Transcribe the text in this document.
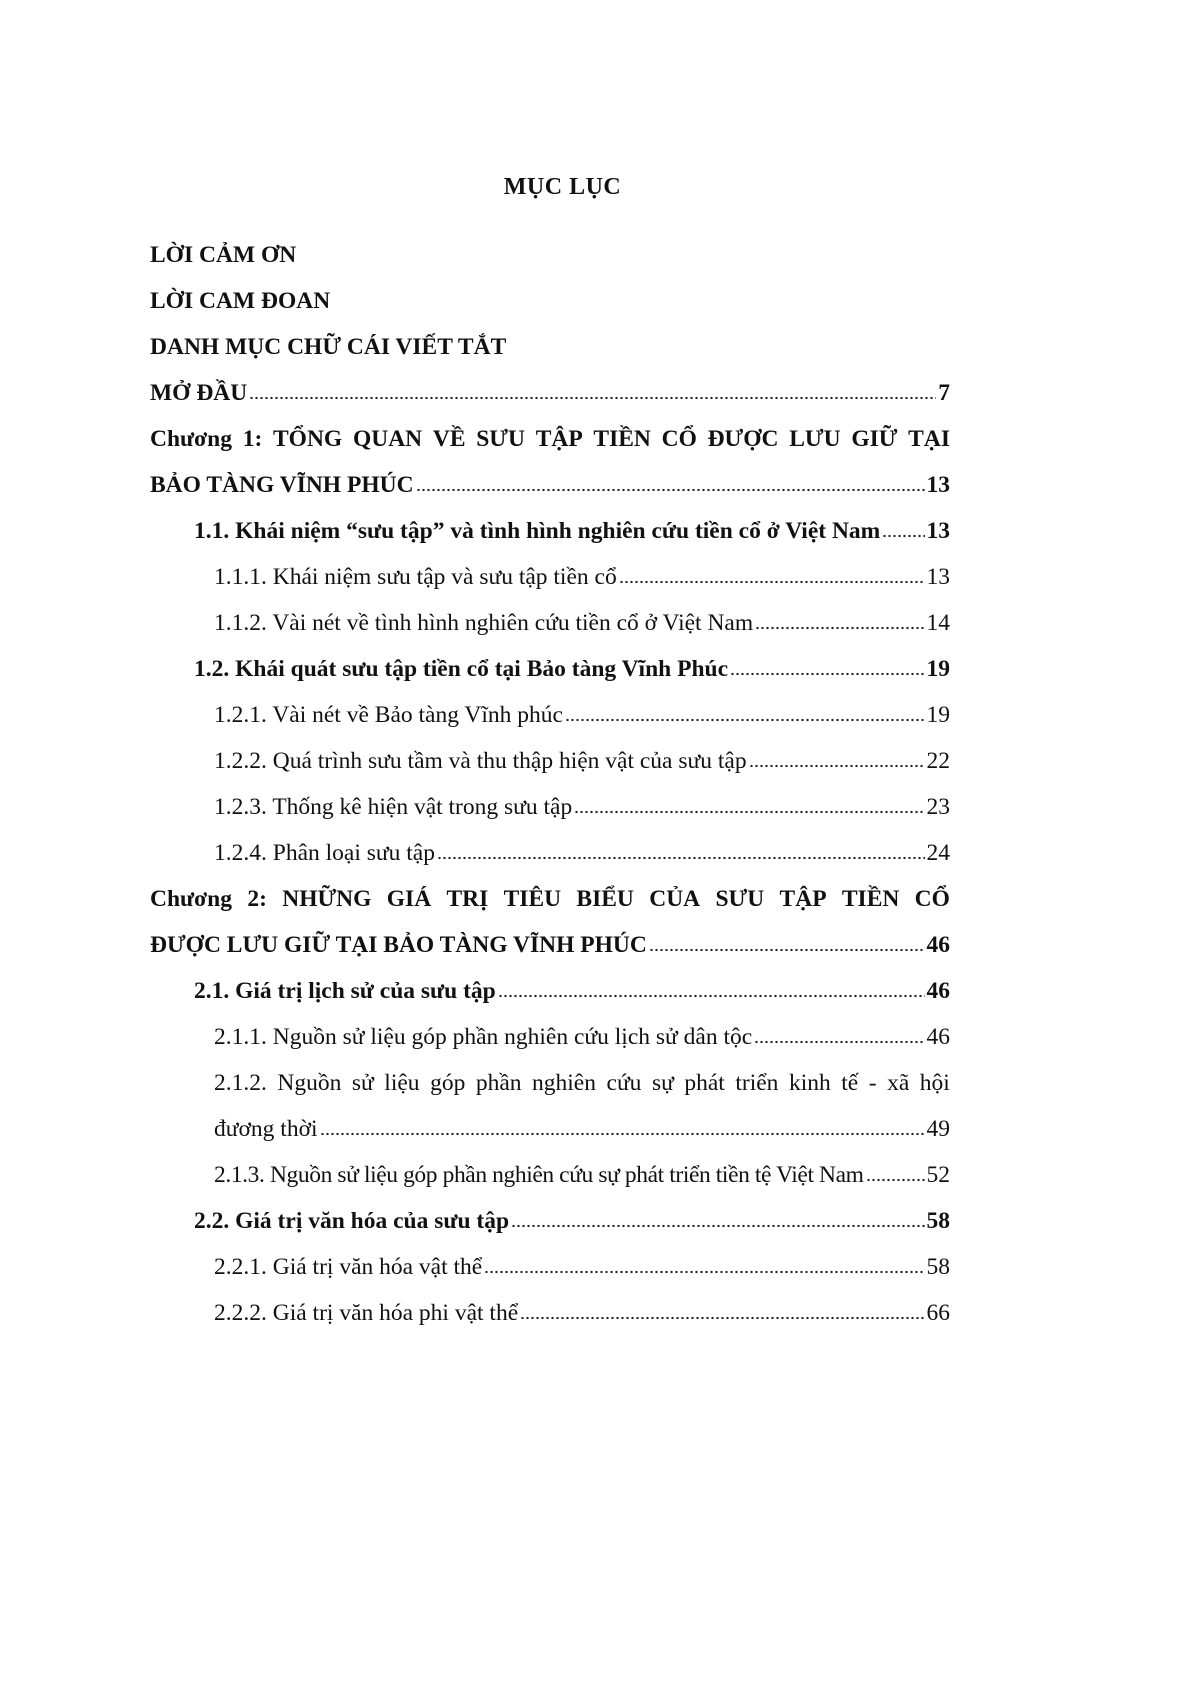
MỤC LỤC
LỜI CẢM ƠN
LỜI CAM ĐOAN
DANH MỤC CHỮ CÁI VIẾT TẮT
MỞ ĐẦU	7
Chương 1: TỔNG QUAN VỀ SƯU TẬP TIỀN CỔ ĐƯỢC LƯU GIỮ TẠI
BẢO TÀNG VĨNH PHÚC	13
1.1. Khái niệm “sưu tập” và tình hình nghiên cứu tiền cổ ở Việt Nam 13
1.1.1. Khái niệm sưu tập và sưu tập tiền cổ	13
1.1.2. Vài nét về tình hình nghiên cứu tiền cổ ở Việt Nam	14
1.2. Khái quát sưu tập tiền cổ tại Bảo tàng Vĩnh Phúc	19
1.2.1. Vài nét về Bảo tàng Vĩnh phúc	19
1.2.2. Quá trình sưu tầm và thu thập hiện vật của sưu tập	22
1.2.3. Thống kê hiện vật trong sưu tập	23
1.2.4. Phân loại sưu tập	24
Chương 2: NHỮNG GIÁ TRỊ TIÊU BIỂU CỦA SƯU TẬP TIỀN CỔ
ĐƯỢC LƯU GIỮ TẠI BẢO TÀNG VĨNH PHÚC	46
2.1. Giá trị lịch sử của sưu tập	46
2.1.1. Nguồn sử liệu góp phần nghiên cứu lịch sử dân tộc	46
2.1.2. Nguồn sử liệu góp phần nghiên cứu sự phát triển kinh tế - xã hội
đương thời	49
2.1.3. Nguồn sử liệu góp phần nghiên cứu sự phát triển tiền tệ Việt Nam	52
2.2. Giá trị văn hóa của sưu tập	58
2.2.1. Giá trị văn hóa vật thể	58
2.2.2. Giá trị văn hóa phi vật thể	66
